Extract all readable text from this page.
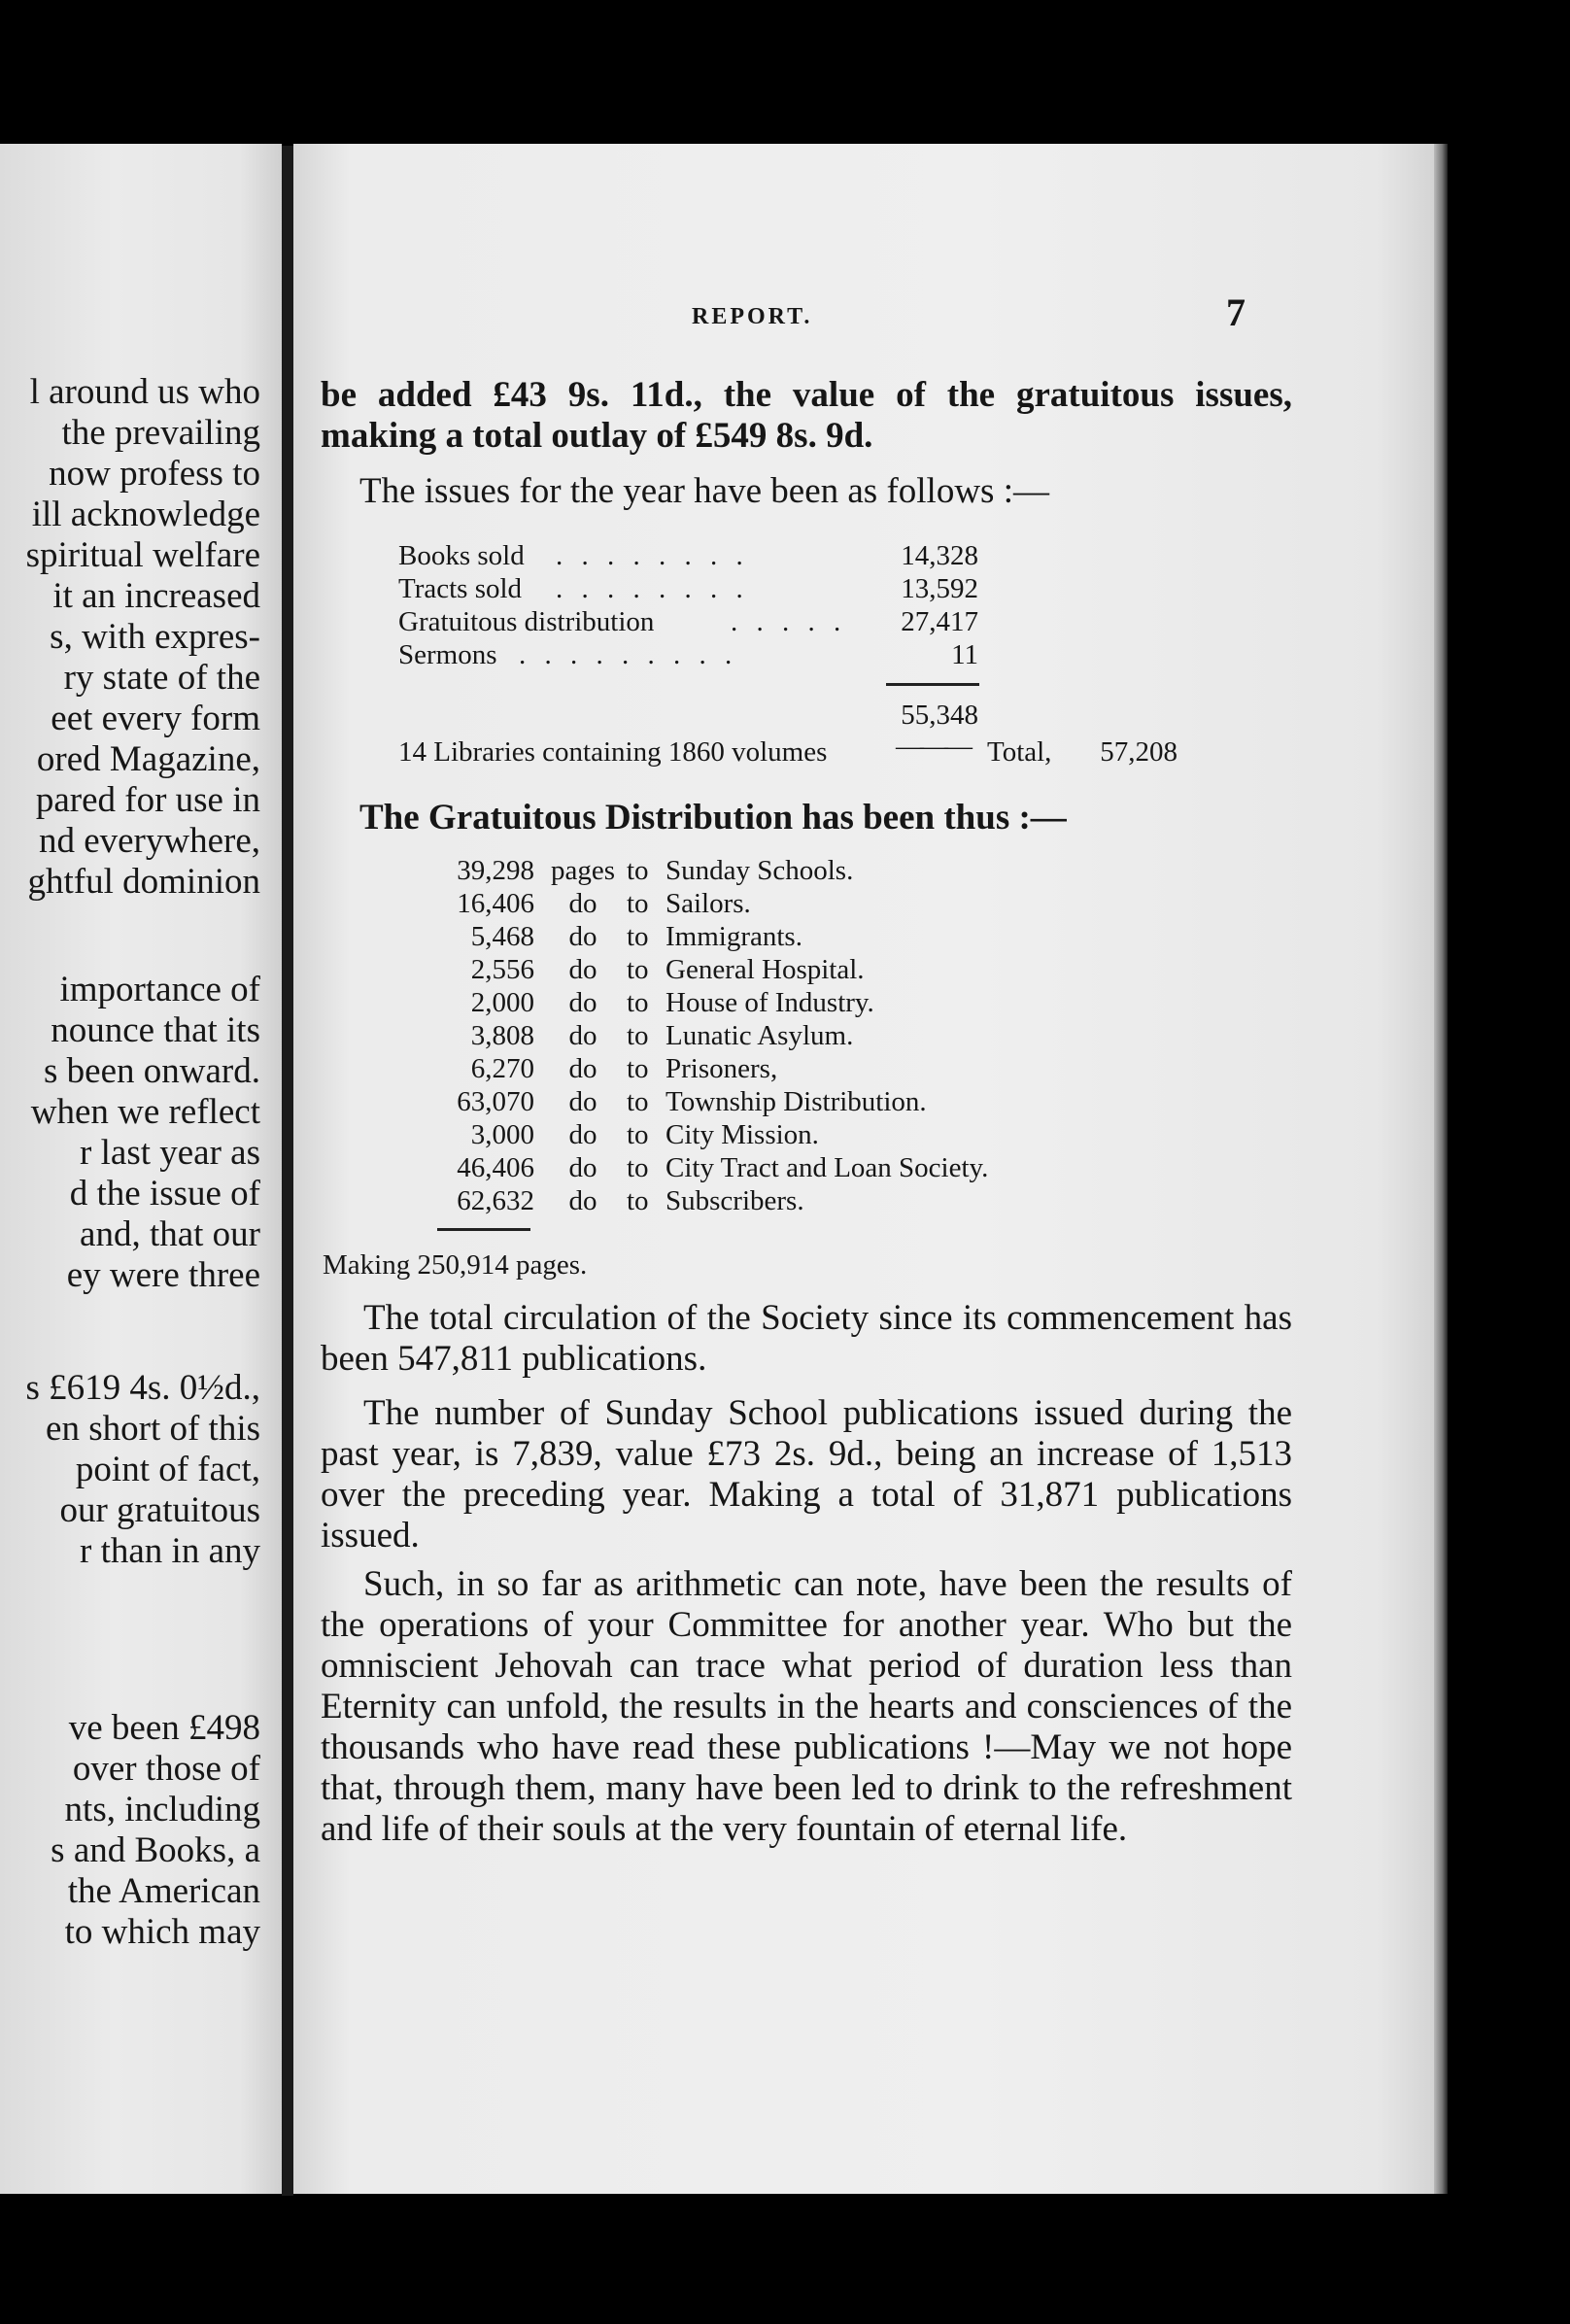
l around us who
the prevailing
now profess to
ill acknowledge
spiritual welfare
it an increased
s, with expres-
ry state of the
eet every form
ored Magazine,
pared for use in
nd everywhere,
ghtful dominion
importance of
nounce that its
s been onward.
when we reflect
r last year as
d the issue of
and, that our
ey were three
s £619 4s. 0½d.,
en short of this
point of fact,
our gratuitous
r than in any
ve been £498
over those of
nts, including
s and Books, a
the American
to which may
REPORT.	7
be added £43 9s. 11d., the value of the gratuitous issues, making a total outlay of £549 8s. 9d.
The issues for the year have been as follows :—
Books sold . . . . . . . .	14,328
Tracts sold . . . . . . . .	13,592
Gratuitous distribution	. . . . .	27,417
Sermons . . . . . . . . .	11
55,348
14 Libraries containing 1860 volumes ——— Total,	57,208
The Gratuitous Distribution has been thus :—
39,298 pages to Sunday Schools.
16,406	do	to Sailors.
5,468	do	to Immigrants.
2,556	do	to General Hospital.
2,000	do	to House of Industry.
3,808	do	to Lunatic Asylum.
6,270	do	to Prisoners,
63,070	do	to Township Distribution.
3,000	do	to City Mission.
46,406	do	to City Tract and Loan Society.
62,632	do	to Subscribers.
Making 250,914 pages.
The total circulation of the Society since its commencement has been 547,811 publications.
The number of Sunday School publications issued during the past year, is 7,839, value £73 2s. 9d., being an increase of 1,513 over the preceding year. Making a total of 31,871 publications issued.
Such, in so far as arithmetic can note, have been the results of the operations of your Committee for another year. Who but the omniscient Jehovah can trace what period of duration less than Eternity can unfold, the results in the hearts and consciences of the thousands who have read these publications !—May we not hope that, through them, many have been led to drink to the refreshment and life of their souls at the very fountain of eternal life.
